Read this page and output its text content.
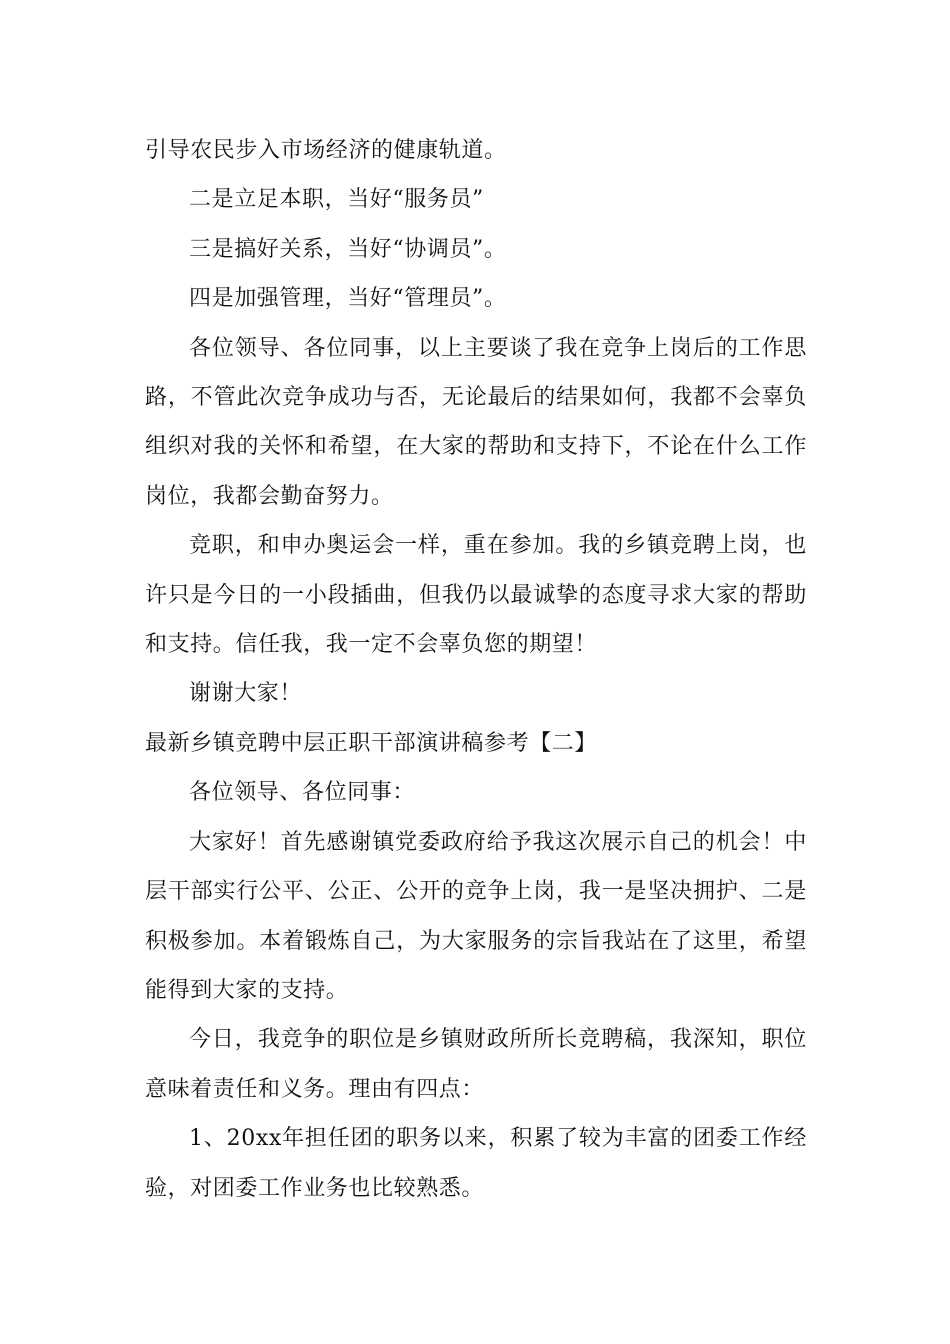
引导农民步入市场经济的健康轨道。

二是立足本职，当好“服务员”

三是搞好关系，当好“协调员”。

四是加强管理，当好“管理员”。

各位领导、各位同事，以上主要谈了我在竞争上岗后的工作思路，不管此次竞争成功与否，无论最后的结果如何，我都不会辜负组织对我的关怀和希望，在大家的帮助和支持下，不论在什么工作岗位，我都会勤奋努力。

竞职，和申办奥运会一样，重在参加。我的乡镇竞聘上岗，也许只是今日的一小段插曲，但我仍以最诚挚的态度寻求大家的帮助和支持。信任我，我一定不会辜负您的期望！

谢谢大家！

最新乡镇竞聘中层正职干部演讲稿参考【二】

各位领导、各位同事：

大家好！首先感谢镇党委政府给予我这次展示自己的机会！中层干部实行公平、公正、公开的竞争上岗，我一是坚决拥护、二是积极参加。本着锻炼自己，为大家服务的宗旨我站在了这里，希望能得到大家的支持。

今日，我竞争的职位是乡镇财政所所长竞聘稿，我深知，职位意味着责任和义务。理由有四点：

1、20xx年担任团的职务以来，积累了较为丰富的团委工作经验，对团委工作业务也比较熟悉。
